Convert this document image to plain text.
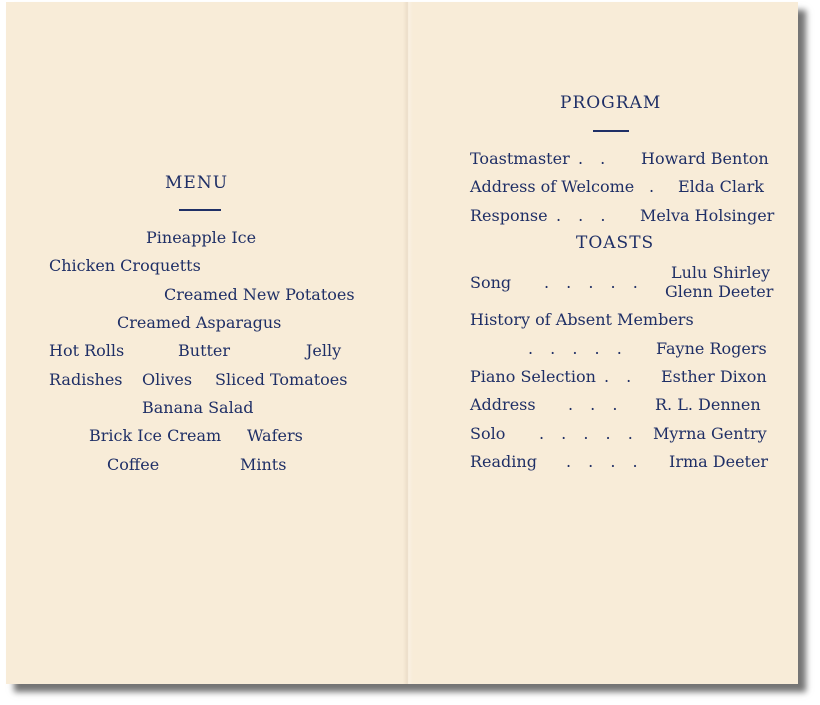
MENU
Pineapple Ice
Chicken Croquetts
Creamed New Potatoes
Creamed Asparagus
Hot Rolls	Butter	Jelly
Radishes Olives Sliced Tomatoes
Banana Salad
Brick Ice Cream Wafers
Coffee	Mints
PROGRAM
Toastmaster . . Howard Benton
Address of Welcome . Elda Clark
Response . . . Melva Holsinger
TOASTS
Song . . . . .
Lulu Shirley
Glenn Deeter
History of Absent Members
. . . . . Fayne Rogers
Piano Selection . . Esther Dixon
Address . . . R. L. Dennen
Solo . . . . . Myrna Gentry
Reading . . . . Irma Deeter
